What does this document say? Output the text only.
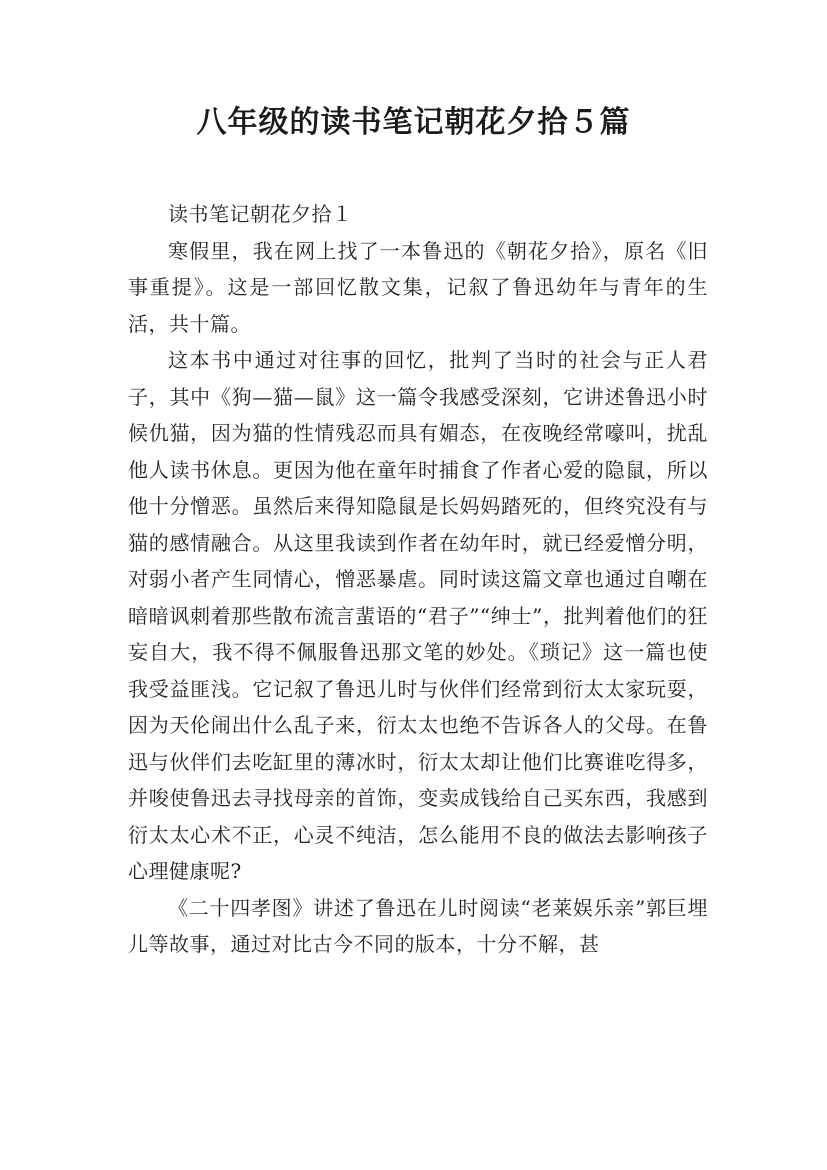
八年级的读书笔记朝花夕拾５篇

读书笔记朝花夕拾１

寒假里，我在网上找了一本鲁迅的《朝花夕拾》，原名《旧事重提》。这是一部回忆散文集，记叙了鲁迅幼年与青年的生活，共十篇。

这本书中通过对往事的回忆，批判了当时的社会与正人君子，其中《狗—猫—鼠》这一篇令我感受深刻，它讲述鲁迅小时候仇猫，因为猫的性情残忍而具有媚态，在夜晚经常嚎叫，扰乱他人读书休息。更因为他在童年时捕食了作者心爱的隐鼠，所以他十分憎恶。虽然后来得知隐鼠是长妈妈踏死的，但终究没有与猫的感情融合。从这里我读到作者在幼年时，就已经爱憎分明，对弱小者产生同情心，憎恶暴虐。同时读这篇文章也通过自嘲在暗暗讽刺着那些散布流言蜚语的“君子”“绅士”，批判着他们的狂妄自大，我不得不佩服鲁迅那文笔的妙处。《琐记》这一篇也使我受益匪浅。它记叙了鲁迅儿时与伙伴们经常到衍太太家玩耍，因为天伦闹出什么乱子来，衍太太也绝不告诉各人的父母。在鲁迅与伙伴们去吃缸里的薄冰时，衍太太却让他们比赛谁吃得多，并唆使鲁迅去寻找母亲的首饰，变卖成钱给自己买东西，我感到衍太太心术不正，心灵不纯洁，怎么能用不良的做法去影响孩子心理健康呢?

《二十四孝图》讲述了鲁迅在儿时阅读“老莱娱乐亲”郭巨埋儿等故事，通过对比古今不同的版本，十分不解，甚
